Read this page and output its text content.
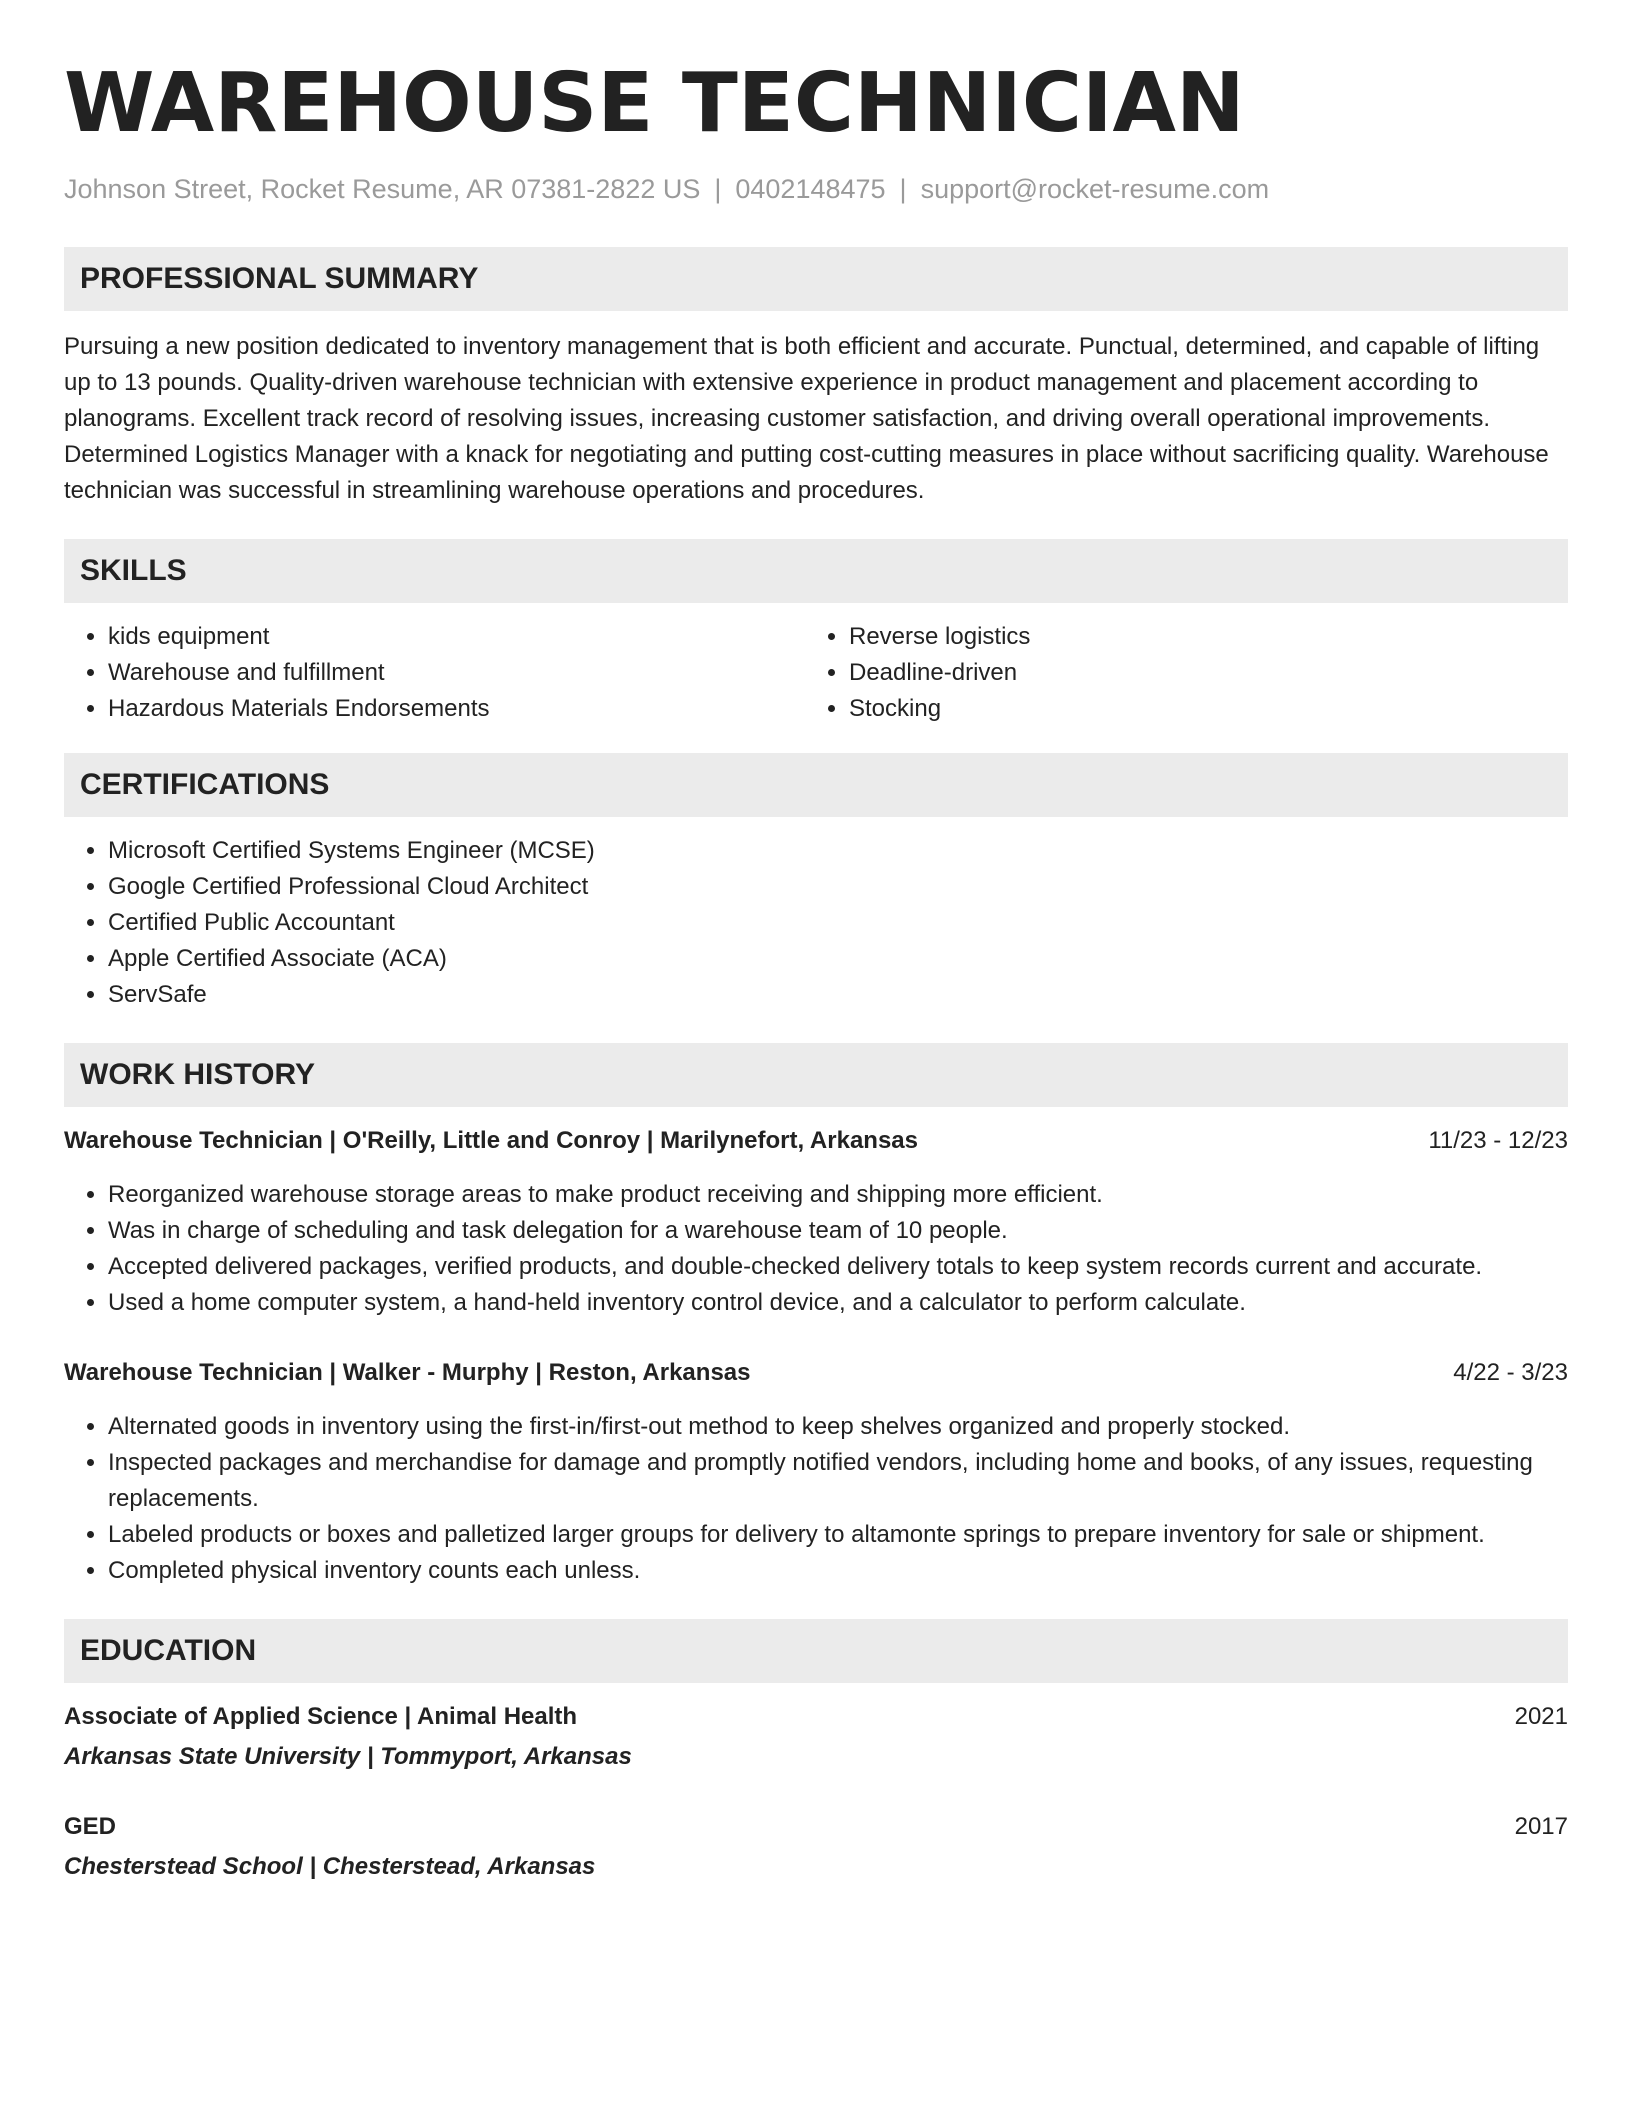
WAREHOUSE TECHNICIAN
Johnson Street, Rocket Resume, AR 07381-2822 US | 0402148475 | support@rocket-resume.com
PROFESSIONAL SUMMARY
Pursuing a new position dedicated to inventory management that is both efficient and accurate. Punctual, determined, and capable of lifting up to 13 pounds. Quality-driven warehouse technician with extensive experience in product management and placement according to planograms. Excellent track record of resolving issues, increasing customer satisfaction, and driving overall operational improvements. Determined Logistics Manager with a knack for negotiating and putting cost-cutting measures in place without sacrificing quality. Warehouse technician was successful in streamlining warehouse operations and procedures.
SKILLS
• kids equipment
• Warehouse and fulfillment
• Hazardous Materials Endorsements
• Reverse logistics
• Deadline-driven
• Stocking
CERTIFICATIONS
• Microsoft Certified Systems Engineer (MCSE)
• Google Certified Professional Cloud Architect
• Certified Public Accountant
• Apple Certified Associate (ACA)
• ServSafe
WORK HISTORY
Warehouse Technician | O'Reilly, Little and Conroy | Marilynefort, Arkansas	11/23 - 12/23
• Reorganized warehouse storage areas to make product receiving and shipping more efficient.
• Was in charge of scheduling and task delegation for a warehouse team of 10 people.
• Accepted delivered packages, verified products, and double-checked delivery totals to keep system records current and accurate.
• Used a home computer system, a hand-held inventory control device, and a calculator to perform calculate.
Warehouse Technician | Walker - Murphy | Reston, Arkansas	4/22 - 3/23
• Alternated goods in inventory using the first-in/first-out method to keep shelves organized and properly stocked.
• Inspected packages and merchandise for damage and promptly notified vendors, including home and books, of any issues, requesting replacements.
• Labeled products or boxes and palletized larger groups for delivery to altamonte springs to prepare inventory for sale or shipment.
• Completed physical inventory counts each unless.
EDUCATION
Associate of Applied Science | Animal Health	2021
Arkansas State University | Tommyport, Arkansas
GED	2017
Chesterstead School | Chesterstead, Arkansas
